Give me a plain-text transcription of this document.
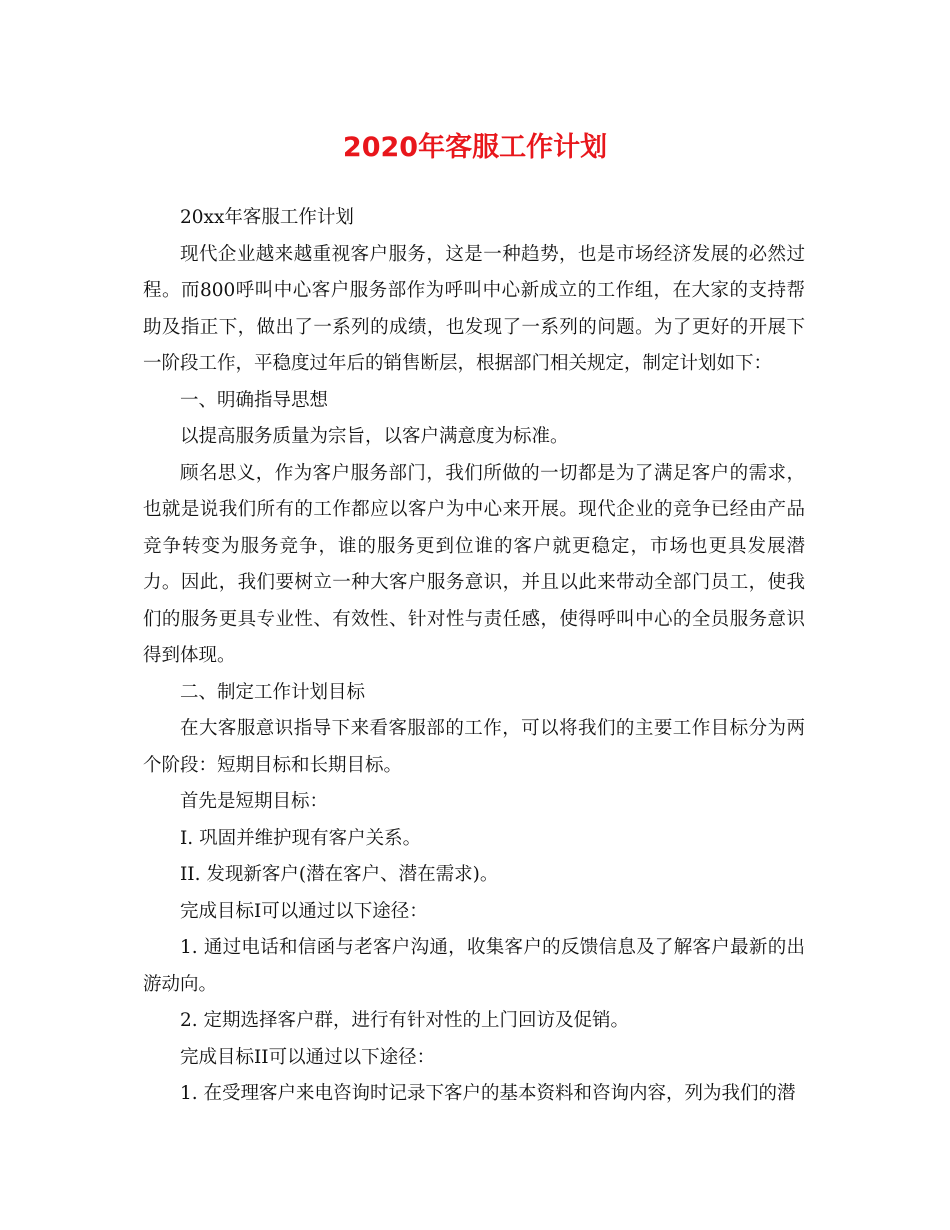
2020年客服工作计划

20xx年客服工作计划

现代企业越来越重视客户服务，这是一种趋势，也是市场经济发展的必然过程。而800呼叫中心客户服务部作为呼叫中心新成立的工作组，在大家的支持帮助及指正下，做出了一系列的成绩，也发现了一系列的问题。为了更好的开展下一阶段工作，平稳度过年后的销售断层，根据部门相关规定，制定计划如下：

一、明确指导思想

以提高服务质量为宗旨，以客户满意度为标准。

顾名思义，作为客户服务部门，我们所做的一切都是为了满足客户的需求，也就是说我们所有的工作都应以客户为中心来开展。现代企业的竞争已经由产品竞争转变为服务竞争，谁的服务更到位谁的客户就更稳定，市场也更具发展潜力。因此，我们要树立一种大客户服务意识，并且以此来带动全部门员工，使我们的服务更具专业性、有效性、针对性与责任感，使得呼叫中心的全员服务意识得到体现。

二、制定工作计划目标

在大客服意识指导下来看客服部的工作，可以将我们的主要工作目标分为两个阶段：短期目标和长期目标。

首先是短期目标：

I. 巩固并维护现有客户关系。

II. 发现新客户(潜在客户、潜在需求)。

完成目标I可以通过以下途径：

1. 通过电话和信函与老客户沟通，收集客户的反馈信息及了解客户最新的出游动向。

2. 定期选择客户群，进行有针对性的上门回访及促销。

完成目标II可以通过以下途径：

1. 在受理客户来电咨询时记录下客户的基本资料和咨询内容，列为我们的潜
